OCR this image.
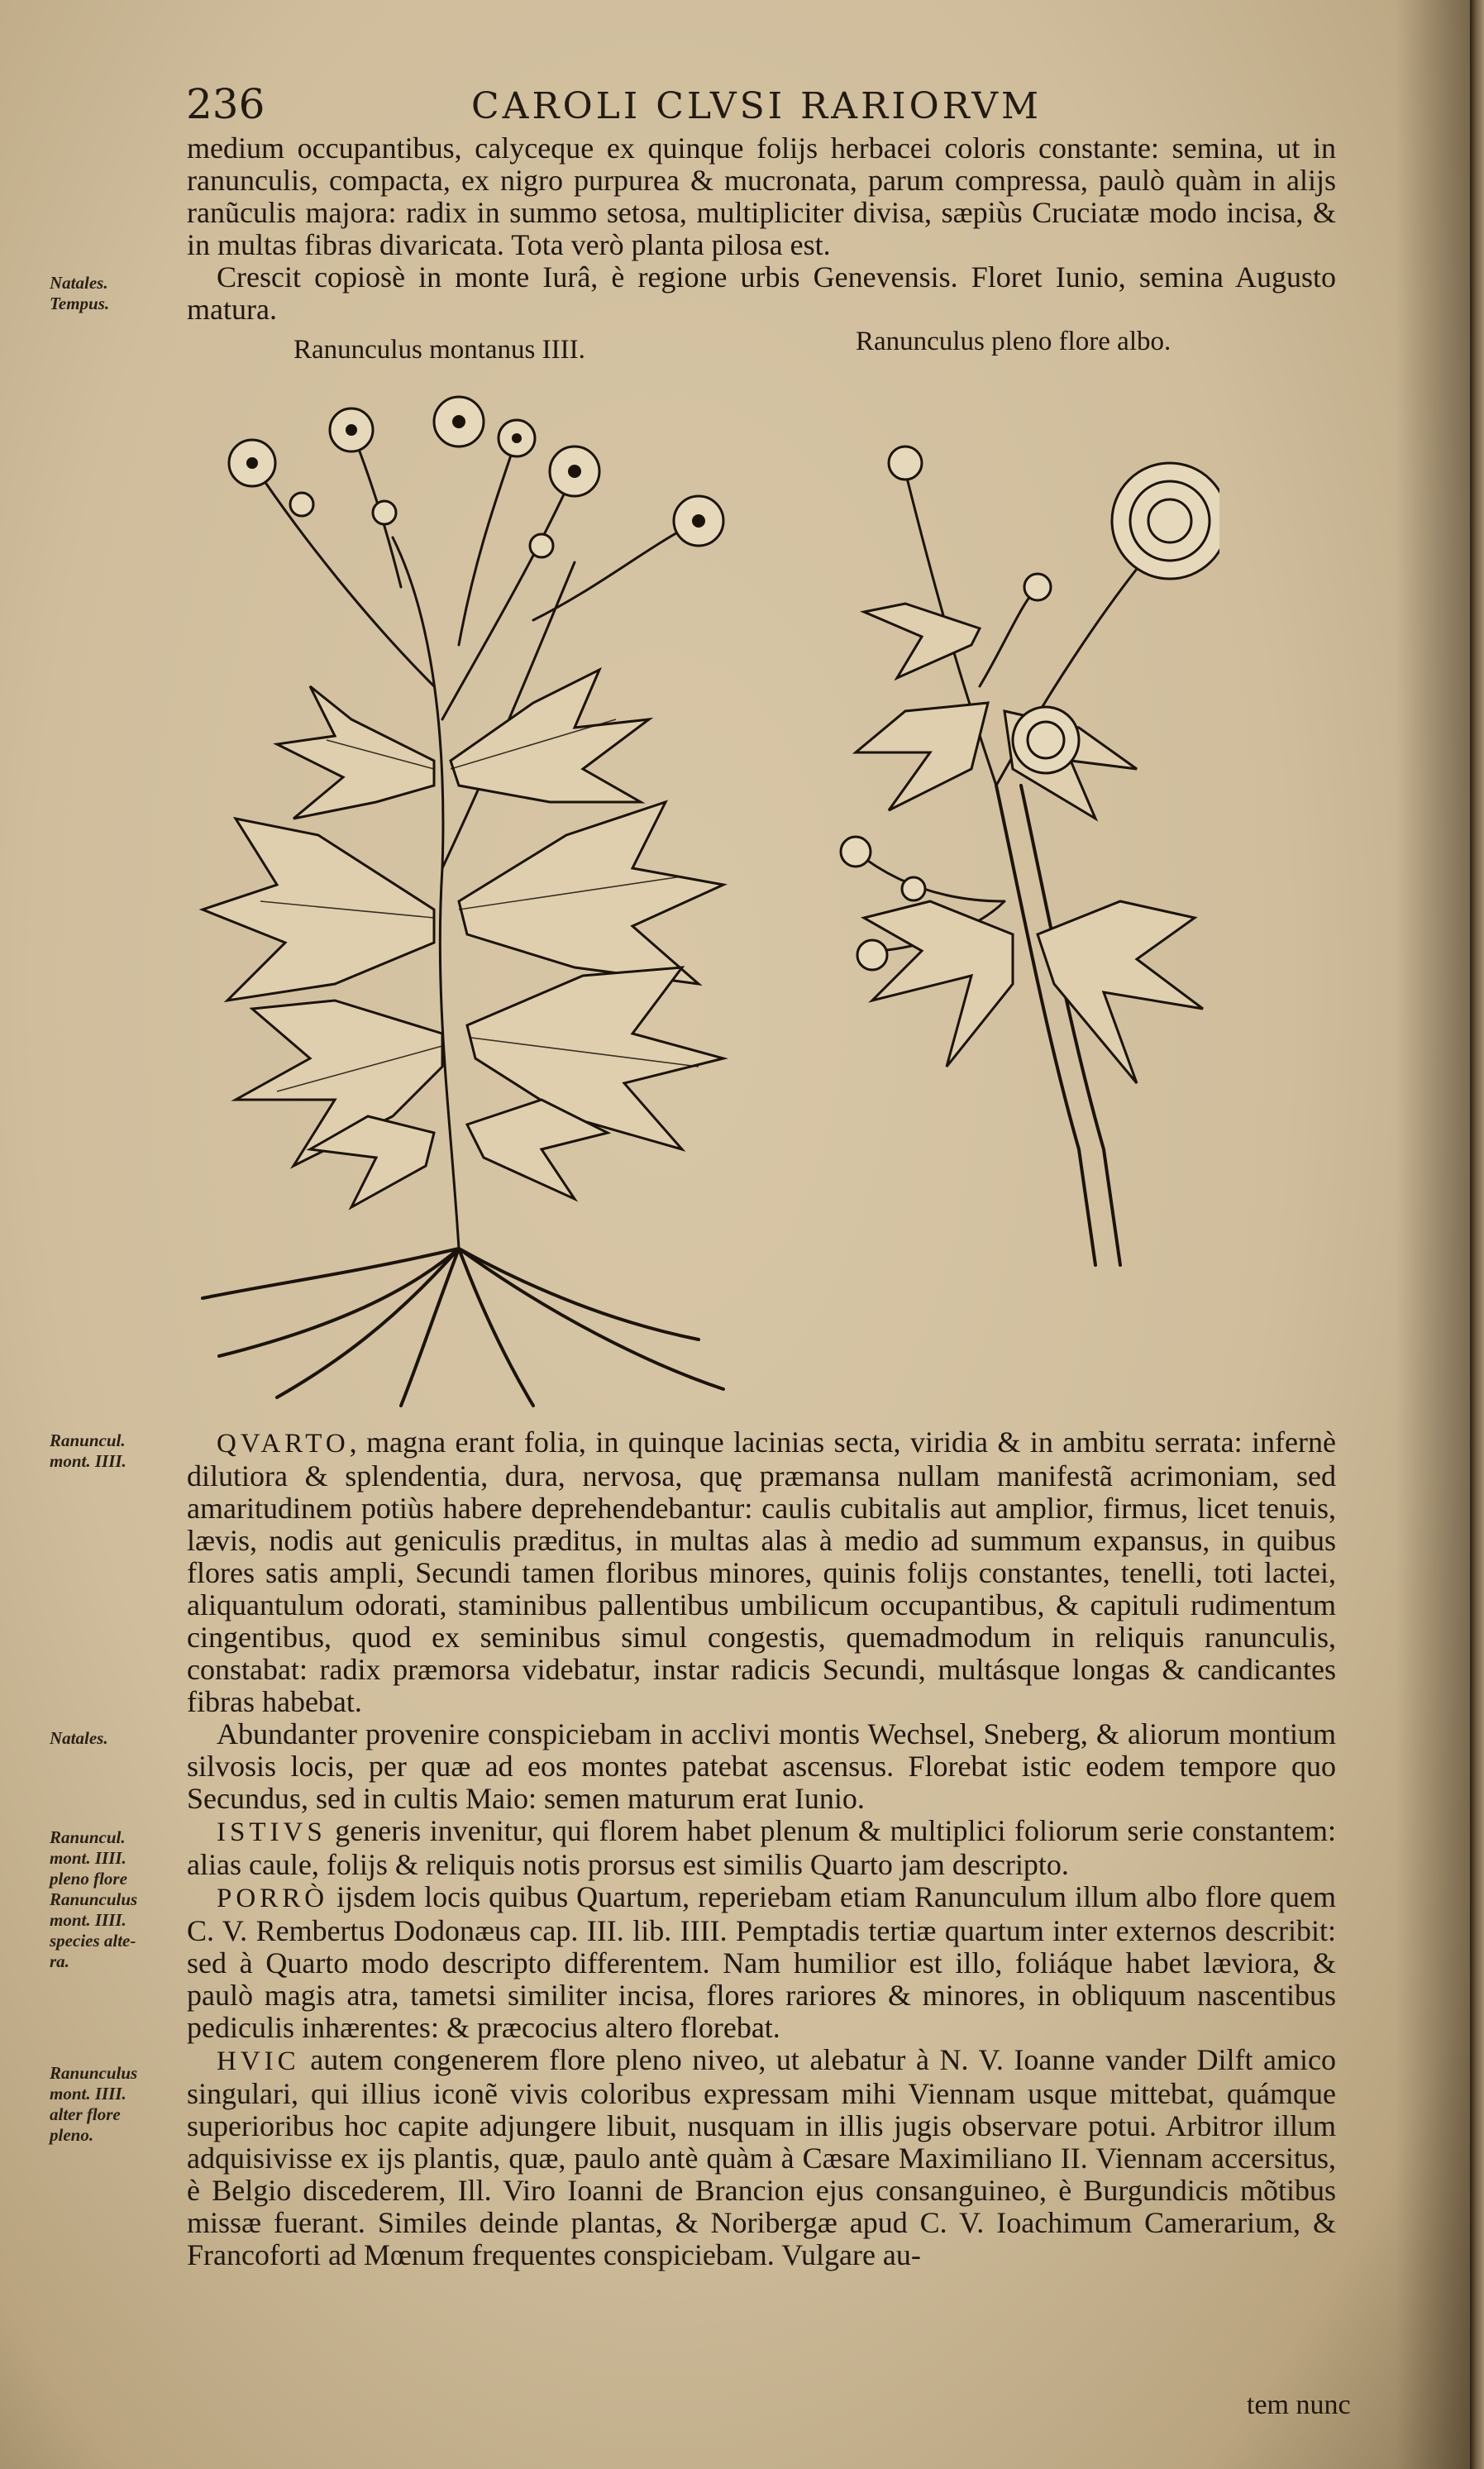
236	CAROLI CLVSI RARIORVM

medium occupantibus, calyceque ex quinque folijs herbacei coloris constante: semina, ut in ranunculis, compacta, ex nigro purpurea & mucronata, parum compressa, paulò quàm in alijs ranũculis majora: radix in summo setosa, multipliciter divisa, sæpiùs Cruciatæ modo incisa, & in multas fibras divaricata. Tota verò planta pilosa est.

Crescit copiosè in monte Iurâ, è regione urbis Genevensis. Floret Iunio, semina Augusto matura.

Natales.
Tempus.
Ranunculus montanus IIII.	Ranunculus pleno flore albo.
Ranuncul.
mont. IIII.
Natales.
Ranuncul.
mont. IIII.
pleno flore
Ranunculus
mont. IIII.
species alte-
ra.
Ranunculus
mont. IIII.
alter flore
pleno.

QVARTO, magna erant folia, in quinque lacinias secta, viridia & in ambitu serrata: infernè dilutiora & splendentia, dura, nervosa, quę præmansa nullam manifestã acrimoniam, sed amaritudinem potiùs habere deprehendebantur: caulis cubitalis aut amplior, firmus, licet tenuis, lævis, nodis aut geniculis præditus, in multas alas à medio ad summum expansus, in quibus flores satis ampli, Secundi tamen floribus minores, quinis folijs constantes, tenelli, toti lactei, aliquantulum odorati, staminibus pallentibus umbilicum occupantibus, & capituli rudimentum cingentibus, quod ex seminibus simul congestis, quemadmodum in reliquis ranunculis, constabat: radix præmorsa videbatur, instar radicis Secundi, multásque longas & candicantes fibras habebat.

Abundanter provenire conspiciebam in acclivi montis Wechsel, Sneberg, & aliorum montium silvosis locis, per quæ ad eos montes patebat ascensus. Florebat istic eodem tempore quo Secundus, sed in cultis Maio: semen maturum erat Iunio.

ISTIVS generis invenitur, qui florem habet plenum & multiplici foliorum serie constantem: alias caule, folijs & reliquis notis prorsus est similis Quarto jam descripto.

PORRÒ ijsdem locis quibus Quartum, reperiebam etiam Ranunculum illum albo flore quem C. V. Rembertus Dodonæus cap. III. lib. IIII. Pemptadis tertiæ quartum inter externos describit: sed à Quarto modo descripto differentem. Nam humilior est illo, foliáque habet læviora, & paulò magis atra, tametsi similiter incisa, flores rariores & minores, in obliquum nascentibus pediculis inhærentes: & præcocius altero florebat.

HVIC autem congenerem flore pleno niveo, ut alebatur à N. V. Ioanne vander Dilft amico singulari, qui illius iconẽ vivis coloribus expressam mihi Viennam usque mittebat, quámque superioribus hoc capite adjungere libuit, nusquam in illis jugis observare potui. Arbitror illum adquisivisse ex ijs plantis, quæ, paulo antè quàm à Cæsare Maximiliano II. Viennam accersitus, è Belgio discederem, Ill. Viro Ioanni de Brancion ejus consanguineo, è Burgundicis mõtibus missæ fuerant. Similes deinde plantas, & Noribergæ apud C. V. Ioachimum Camerarium, & Francoforti ad Mœnum frequentes conspiciebam. Vulgare au-

tem nunc
